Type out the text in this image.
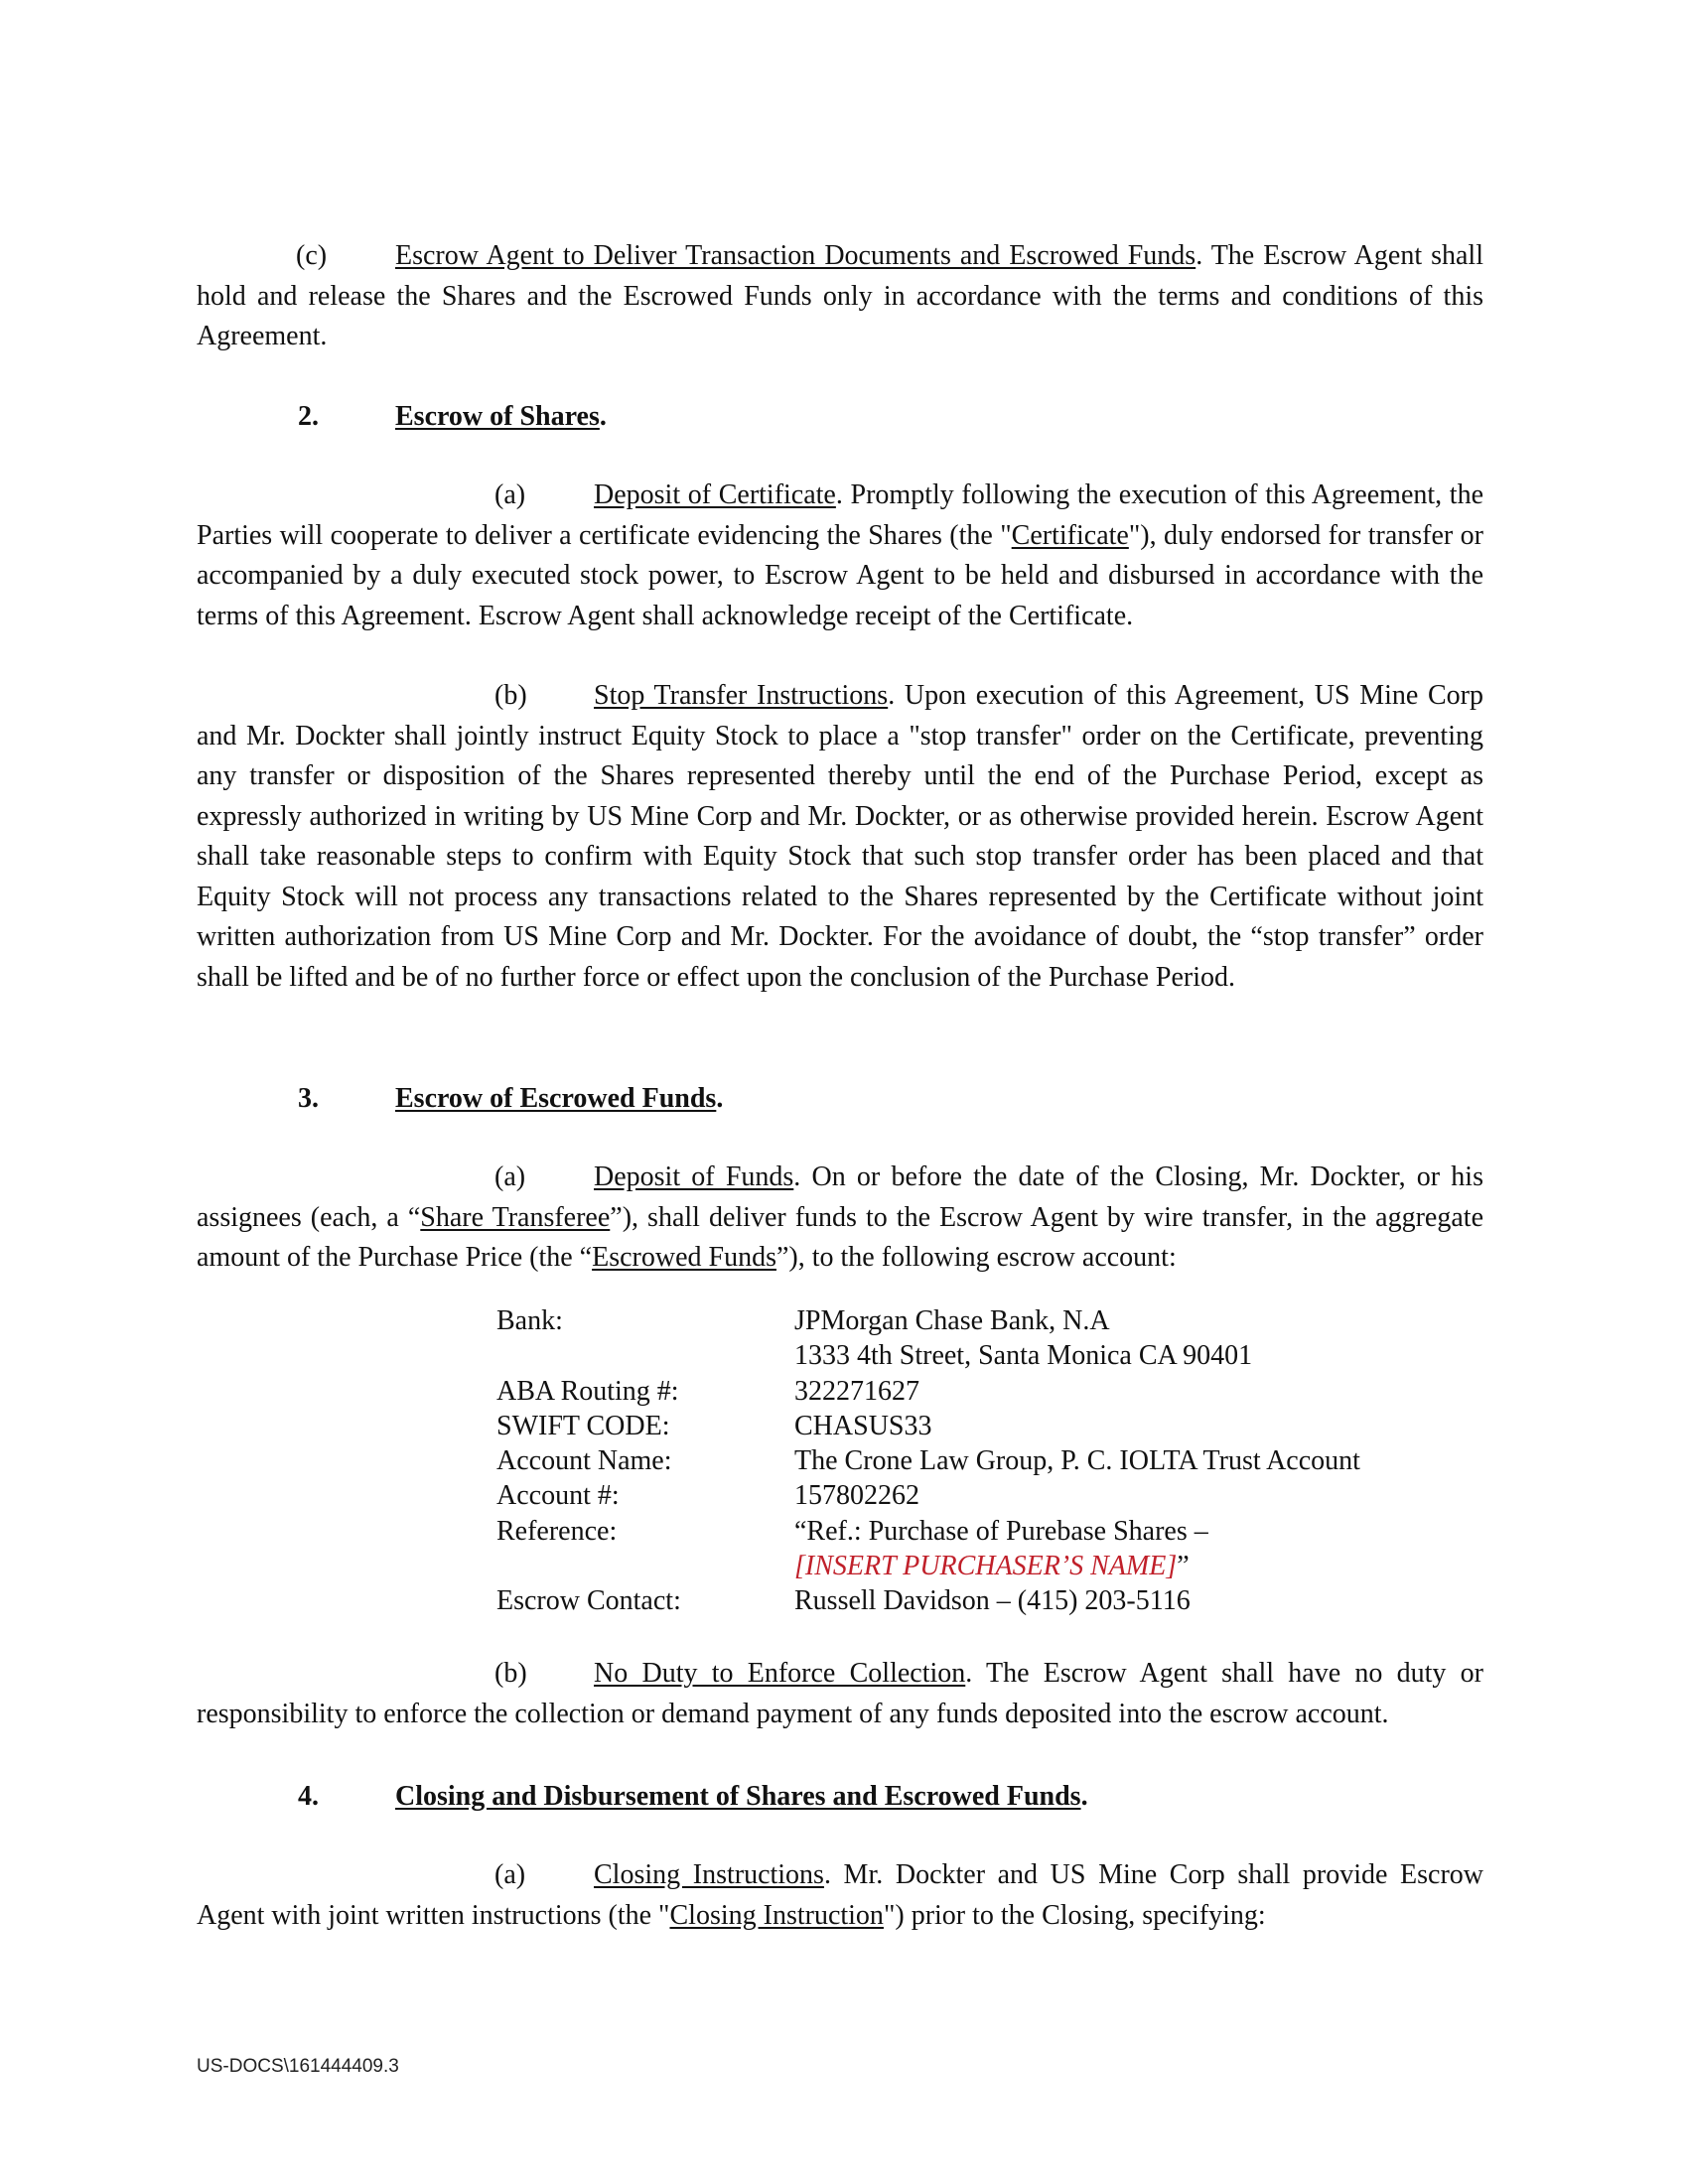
(c) Escrow Agent to Deliver Transaction Documents and Escrowed Funds. The Escrow Agent shall hold and release the Shares and the Escrowed Funds only in accordance with the terms and conditions of this Agreement.
2.	Escrow of Shares.
(a) Deposit of Certificate. Promptly following the execution of this Agreement, the Parties will cooperate to deliver a certificate evidencing the Shares (the "Certificate"), duly endorsed for transfer or accompanied by a duly executed stock power, to Escrow Agent to be held and disbursed in accordance with the terms of this Agreement. Escrow Agent shall acknowledge receipt of the Certificate.
(b) Stop Transfer Instructions. Upon execution of this Agreement, US Mine Corp and Mr. Dockter shall jointly instruct Equity Stock to place a "stop transfer" order on the Certificate, preventing any transfer or disposition of the Shares represented thereby until the end of the Purchase Period, except as expressly authorized in writing by US Mine Corp and Mr. Dockter, or as otherwise provided herein. Escrow Agent shall take reasonable steps to confirm with Equity Stock that such stop transfer order has been placed and that Equity Stock will not process any transactions related to the Shares represented by the Certificate without joint written authorization from US Mine Corp and Mr. Dockter. For the avoidance of doubt, the “stop transfer” order shall be lifted and be of no further force or effect upon the conclusion of the Purchase Period.
3.	Escrow of Escrowed Funds.
(a) Deposit of Funds. On or before the date of the Closing, Mr. Dockter, or his assignees (each, a “Share Transferee”), shall deliver funds to the Escrow Agent by wire transfer, in the aggregate amount of the Purchase Price (the “Escrowed Funds”), to the following escrow account:
Bank:	JPMorgan Chase Bank, N.A
1333 4th Street, Santa Monica CA 90401
ABA Routing #:	322271627
SWIFT CODE:	CHASUS33
Account Name:	The Crone Law Group, P. C. IOLTA Trust Account
Account #:	157802262
Reference:	“Ref.: Purchase of Purebase Shares –
[INSERT PURCHASER’S NAME]”
Escrow Contact:	Russell Davidson – (415) 203-5116
(b) No Duty to Enforce Collection. The Escrow Agent shall have no duty or responsibility to enforce the collection or demand payment of any funds deposited into the escrow account.
4.	Closing and Disbursement of Shares and Escrowed Funds.
(a) Closing Instructions. Mr. Dockter and US Mine Corp shall provide Escrow Agent with joint written instructions (the "Closing Instruction") prior to the Closing, specifying:
US-DOCS\161444409.3
